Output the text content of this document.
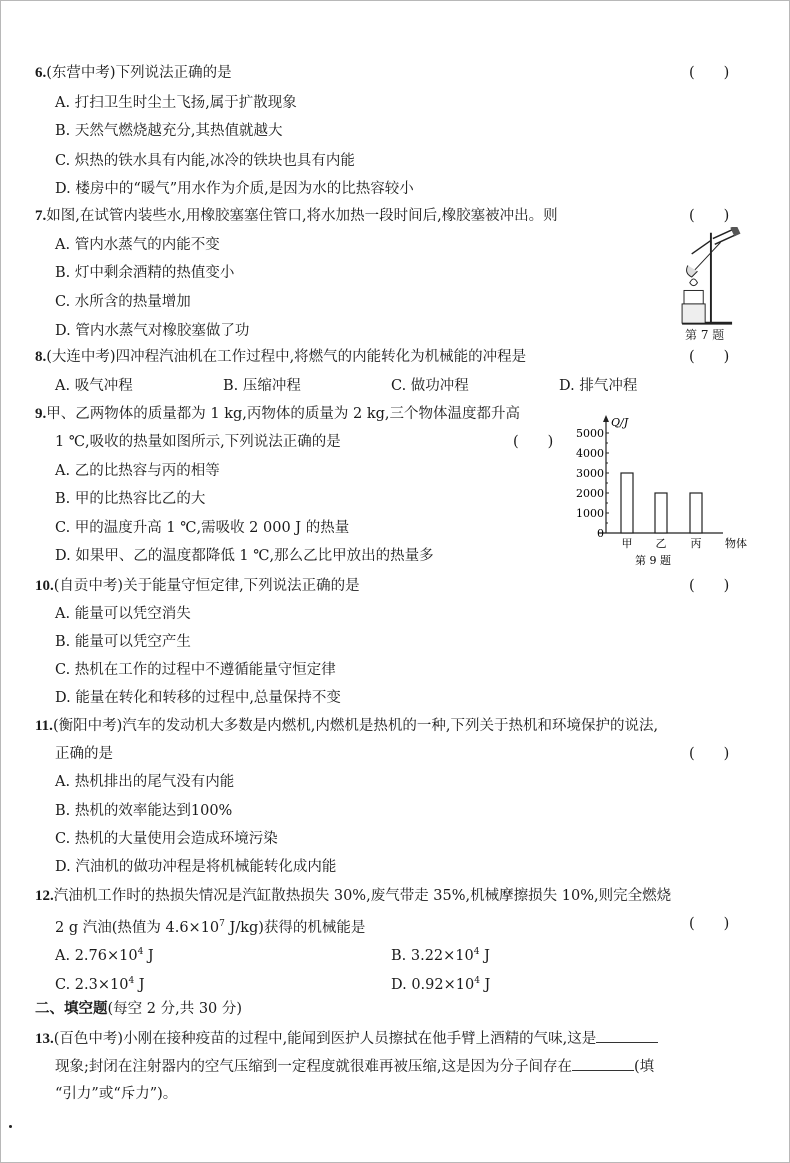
6.(东营中考)下列说法正确的是	(　　)
A. 打扫卫生时尘土飞扬,属于扩散现象
B. 天然气燃烧越充分,其热值就越大
C. 炽热的铁水具有内能,冰冷的铁块也具有内能
D. 楼房中的“暖气”用水作为介质,是因为水的比热容较小
7.如图,在试管内装些水,用橡胶塞塞住管口,将水加热一段时间后,橡胶塞被冲出。则	(　　)
A. 管内水蒸气的内能不变
B. 灯中剩余酒精的热值变小
C. 水所含的热量增加
D. 管内水蒸气对橡胶塞做了功	第 7 题
8.(大连中考)四冲程汽油机在工作过程中,将燃气的内能转化为机械能的冲程是	(　　)
A. 吸气冲程	B. 压缩冲程	C. 做功冲程	D. 排气冲程
9.甲、乙两物体的质量都为 1 kg,丙物体的质量为 2 kg,三个物体温度都升高
1 ℃,吸收的热量如图所示,下列说法正确的是	(　　)
A. 乙的比热容与丙的相等
B. 甲的比热容比乙的大
C. 甲的温度升高 1 ℃,需吸收 2 000 J 的热量
D. 如果甲、乙的温度都降低 1 ℃,那么乙比甲放出的热量多
Q/J
0
1000
2000
3000
4000
5000
甲 乙 丙 物体
第 9 题
10.(自贡中考)关于能量守恒定律,下列说法正确的是	(　　)
A. 能量可以凭空消失
B. 能量可以凭空产生
C. 热机在工作的过程中不遵循能量守恒定律
D. 能量在转化和转移的过程中,总量保持不变
11.(衡阳中考)汽车的发动机大多数是内燃机,内燃机是热机的一种,下列关于热机和环境保护的说法,
正确的是	(　　)
A. 热机排出的尾气没有内能
B. 热机的效率能达到100%
C. 热机的大量使用会造成环境污染
D. 汽油机的做功冲程是将机械能转化成内能
12.汽油机工作时的热损失情况是汽缸散热损失 30%,废气带走 35%,机械摩擦损失 10%,则完全燃烧
2 g 汽油(热值为 $4.6\times 10^7$ J/kg)获得的机械能是	(　　)
A. $2.76\times 10^4$ J	B. $3.22\times 10^4$ J
C. $2.3\times 10^4$ J	D. $0.92\times 10^4$ J
二、填空题(每空 2 分,共 30 分)
13.(百色中考)小刚在接种疫苗的过程中,能闻到医护人员擦拭在他手臂上酒精的气味,这是
现象;封闭在注射器内的空气压缩到一定程度就很难再被压缩,这是因为分子间存在	(填
“引力”或“斥力”)。
